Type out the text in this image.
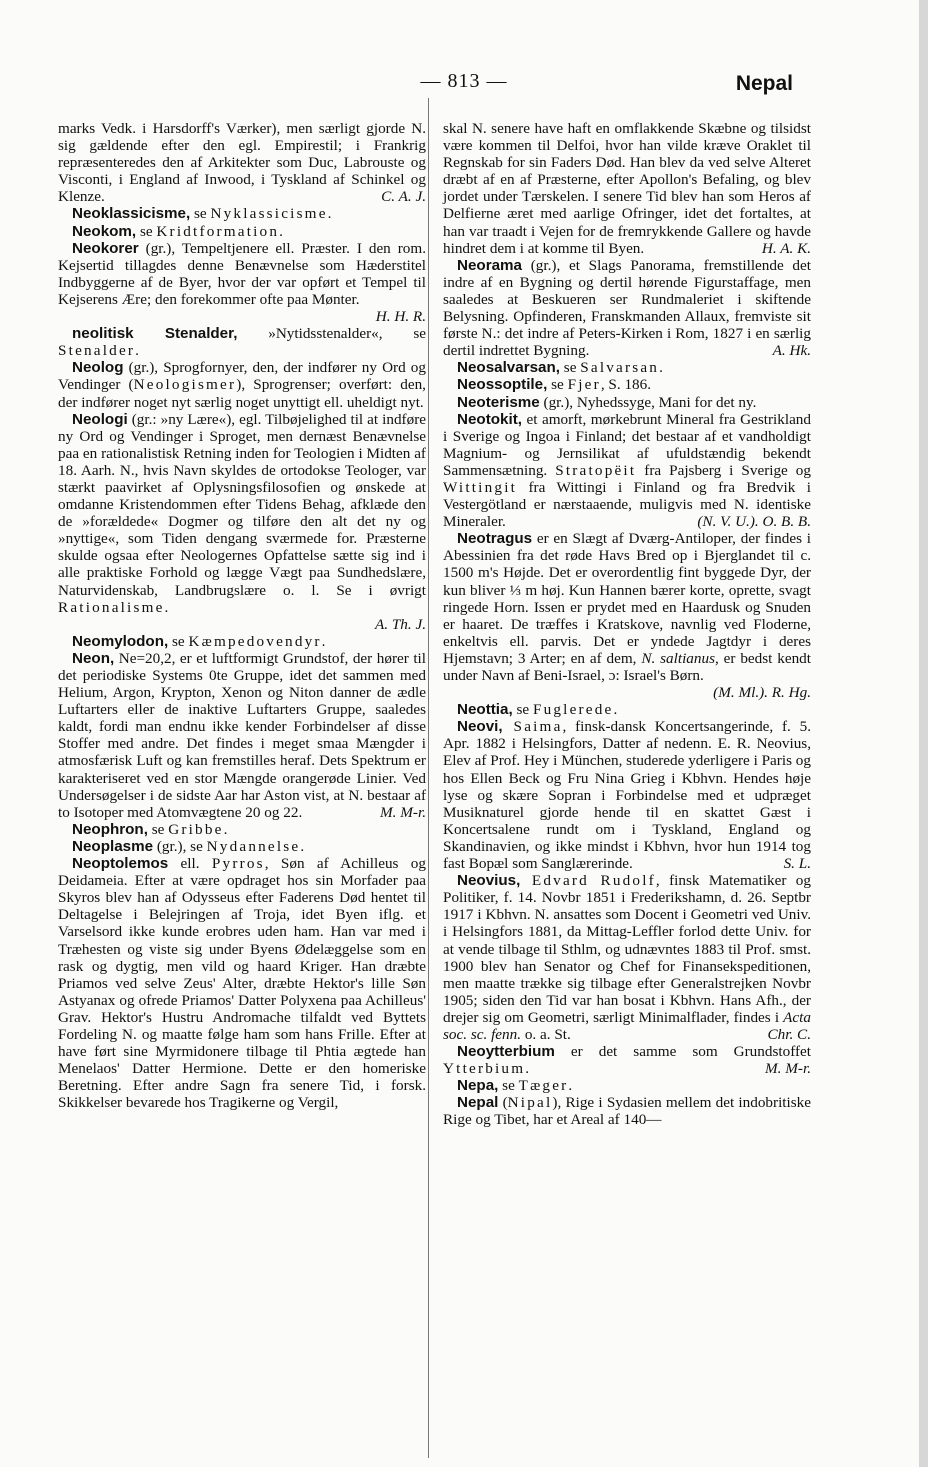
— 813 —	Nepal

marks Vedk. i Harsdorff's Værker), men særligt gjorde N. sig gældende efter den egl. Empirestil; i Frankrig repræsenteredes den af Arkitekter som Duc, Labrouste og Visconti, i England af Inwood, i Tyskland af Schinkel og Klenze.	C. A. J.

Neoklassicisme, se Nyklassicisme.

Neokom, se Kridtformation.

Neokorer (gr.), Tempeltjenere ell. Præster. I den rom. Kejsertid tillagdes denne Benævnelse som Hæderstitel Indbyggerne af de Byer, hvor der var opført et Tempel til Kejserens Ære; den forekommer ofte paa Mønter.
H. H. R.

neolitisk Stenalder, »Nytidsstenalder«, se Stenalder.

Neolog (gr.), Sprogfornyer, den, der indfører ny Ord og Vendinger (Neologismer), Sprogrenser; overført: den, der indfører noget nyt særlig noget unyttigt ell. uheldigt nyt.

Neologi (gr.: »ny Lære«), egl. Tilbøjelighed til at indføre ny Ord og Vendinger i Sproget, men dernæst Benævnelse paa en rationalistisk Retning inden for Teologien i Midten af 18. Aarh. N., hvis Navn skyldes de ortodokse Teologer, var stærkt paavirket af Oplysningsfilosofien og ønskede at omdanne Kristendommen efter Tidens Behag, afklæde den de »forældede« Dogmer og tilføre den alt det ny og »nyttige«, som Tiden dengang sværmede for. Præsterne skulde ogsaa efter Neologernes Opfattelse sætte sig ind i alle praktiske Forhold og lægge Vægt paa Sundhedslære, Naturvidenskab, Landbrugslære o. l. Se i øvrigt Rationalisme.

A. Th. J.

Neomylodon, se Kæmpedovendyr.

Neon, Ne=20,2, er et luftformigt Grundstof, der hører til det periodiske Systems 0te Gruppe, idet det sammen med Helium, Argon, Krypton, Xenon og Niton danner de ædle Luftarters eller de inaktive Luftarters Gruppe, saaledes kaldt, fordi man endnu ikke kender Forbindelser af disse Stoffer med andre. Det findes i meget smaa Mængder i atmosfærisk Luft og kan fremstilles heraf. Dets Spektrum er karakteriseret ved en stor Mængde orangerøde Linier. Ved Undersøgelser i de sidste Aar har Aston vist, at N. bestaar af to Isotoper med Atomvægtene 20 og 22.	M. M-r.

Neophron, se Gribbe.

Neoplasme (gr.), se Nydannelse.

Neoptolemos ell. Pyrros, Søn af Achilleus og Deidameia. Efter at være opdraget hos sin Morfader paa Skyros blev han af Odysseus efter Faderens Død hentet til Deltagelse i Belejringen af Troja, idet Byen iflg. et Varselsord ikke kunde erobres uden ham. Han var med i Træhesten og viste sig under Byens Ødelæggelse som en rask og dygtig, men vild og haard Kriger. Han dræbte Priamos ved selve Zeus' Alter, dræbte Hektor's lille Søn Astyanax og ofrede Priamos' Datter Polyxena paa Achilleus' Grav. Hektor's Hustru Andromache tilfaldt ved Byttets Fordeling N. og maatte følge ham som hans Frille. Efter at have ført sine Myrmidonere tilbage til Phtia ægtede han Menelaos' Datter Hermione. Dette er den homeriske Beretning. Efter andre Sagn fra senere Tid, i forsk. Skikkelser bevarede hos Tragikerne og Vergil,

skal N. senere have haft en omflakkende Skæbne og tilsidst være kommen til Delfoi, hvor han vilde kræve Oraklet til Regnskab for sin Faders Død. Han blev da ved selve Alteret dræbt af en af Præsterne, efter Apollon's Befaling, og blev jordet under Tærskelen. I senere Tid blev han som Heros af Delfierne æret med aarlige Ofringer, idet det fortaltes, at han var traadt i Vejen for de fremrykkende Gallere og havde hindret dem i at komme til Byen.	H. A. K.

Neorama (gr.), et Slags Panorama, fremstillende det indre af en Bygning og dertil hørende Figurstaffage, men saaledes at Beskueren ser Rundmaleriet i skiftende Belysning. Opfinderen, Franskmanden Allaux, fremviste sit første N.: det indre af Peters-Kirken i Rom, 1827 i en særlig dertil indrettet Bygning.	A. Hk.

Neosalvarsan, se Salvarsan.

Neossoptile, se Fjer, S. 186.

Neoterisme (gr.), Nyhedssyge, Mani for det ny.

Neotokit, et amorft, mørkebrunt Mineral fra Gestrikland i Sverige og Ingoa i Finland; det bestaar af et vandholdigt Magnium- og Jernsilikat af ufuldstændig bekendt Sammensætning. Stratopëit fra Pajsberg i Sverige og Wittingit fra Wittingi i Finland og fra Bredvik i Vestergötland er nærstaaende, muligvis med N. identiske Mineraler.	(N. V. U.). O. B. B.

Neotragus er en Slægt af Dværg-Antiloper, der findes i Abessinien fra det røde Havs Bred op i Bjerglandet til c. 1500 m's Højde. Det er overordentlig fint byggede Dyr, der kun bliver ⅓ m høj. Kun Hannen bærer korte, oprette, svagt ringede Horn. Issen er prydet med en Haardusk og Snuden er haaret. De træffes i Kratskove, navnlig ved Floderne, enkeltvis ell. parvis. Det er yndede Jagtdyr i deres Hjemstavn; 3 Arter; en af dem, N. saltianus, er bedst kendt under Navn af Beni-Israel, ɔ: Israel's Børn.
(M. Ml.). R. Hg.

Neottia, se Fuglerede.

Neovi, Saima, finsk-dansk Koncertsangerinde, f. 5. Apr. 1882 i Helsingfors, Datter af nedenn. E. R. Neovius, Elev af Prof. Hey i München, studerede yderligere i Paris og hos Ellen Beck og Fru Nina Grieg i Kbhvn. Hendes høje lyse og skære Sopran i Forbindelse med et udpræget Musiknaturel gjorde hende til en skattet Gæst i Koncertsalene rundt om i Tyskland, England og Skandinavien, og ikke mindst i Kbhvn, hvor hun 1914 tog fast Bopæl som Sanglærerinde.	S. L.

Neovius, Edvard Rudolf, finsk Matematiker og Politiker, f. 14. Novbr 1851 i Frederikshamn, d. 26. Septbr 1917 i Kbhvn. N. ansattes som Docent i Geometri ved Univ. i Helsingfors 1881, da Mittag-Leffler forlod dette Univ. for at vende tilbage til Sthlm, og udnævntes 1883 til Prof. smst. 1900 blev han Senator og Chef for Finansekspeditionen, men maatte trække sig tilbage efter Generalstrejken Novbr 1905; siden den Tid var han bosat i Kbhvn. Hans Afh., der drejer sig om Geometri, særligt Minimalflader, findes i Acta soc. sc. fenn. o. a. St.	Chr. C.

Neoytterbium er det samme som Grundstoffet Ytterbium.	M. M-r.

Nepa, se Tæger.

Nepal (Nipal), Rige i Sydasien mellem det indobritiske Rige og Tibet, har et Areal af 140—
